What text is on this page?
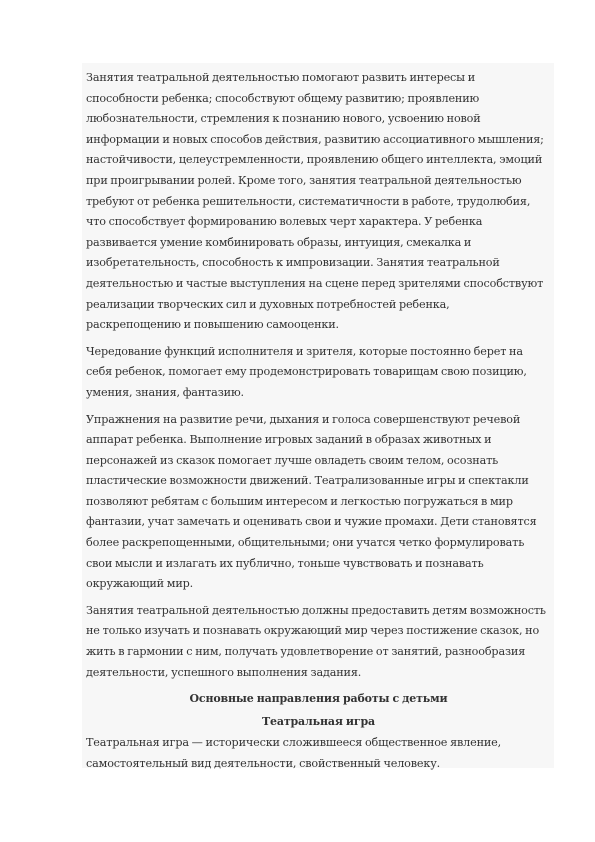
Занятия театральной деятельностью помогают развить интересы и
способности ребенка; способствуют общему развитию; проявлению
любознательности, стремления к познанию нового, усвоению новой
информации и новых способов действия, развитию ассоциативного мышления;
настойчивости, целеустремленности, проявлению общего интеллекта, эмоций
при проигрывании ролей. Кроме того, занятия театральной деятельностью
требуют от ребенка решительности, систематичности в работе, трудолюбия,
что способствует формированию волевых черт характера. У ребенка
развивается умение комбинировать образы, интуиция, смекалка и
изобретательность, способность к импровизации. Занятия театральной
деятельностью и частые выступления на сцене перед зрителями способствуют
реализации творческих сил и духовных потребностей ребенка,
раскрепощению и повышению самооценки.
Чередование функций исполнителя и зрителя, которые постоянно берет на
себя ребенок, помогает ему продемонстрировать товарищам свою позицию,
умения, знания, фантазию.
Упражнения на развитие речи, дыхания и голоса совершенствуют речевой
аппарат ребенка. Выполнение игровых заданий в образах животных и
персонажей из сказок помогает лучше овладеть своим телом, осознать
пластические возможности движений. Театрализованные игры и спектакли
позволяют ребятам с большим интересом и легкостью погружаться в мир
фантазии, учат замечать и оценивать свои и чужие промахи. Дети становятся
более раскрепощенными, общительными; они учатся четко формулировать
свои мысли и излагать их публично, тоньше чувствовать и познавать
окружающий мир.
Занятия театральной деятельностью должны предоставить детям возможность
не только изучать и познавать окружающий мир через постижение сказок, но
жить в гармонии с ним, получать удовлетворение от занятий, разнообразия
деятельности, успешного выполнения задания.
Основные направления работы с детьми
Театральная игра
Театральная игра — исторически сложившееся общественное явление,
самостоятельный вид деятельности, свойственный человеку.
